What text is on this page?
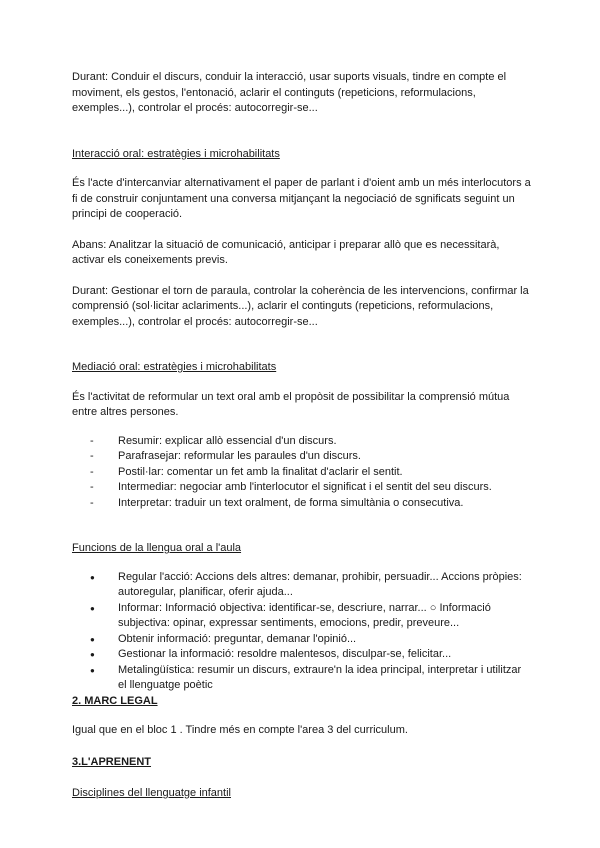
Durant: Conduir el discurs, conduir la interacció, usar suports visuals, tindre en compte el moviment, els gestos, l'entonació, aclarir el continguts (repeticions, reformulacions, exemples...), controlar el procés: autocorregir-se...

Interacció oral: estratègies i microhabilitats

És l'acte d'intercanviar alternativament el paper de parlant i d'oient amb un més interlocutors a fi de construir conjuntament una conversa mitjançant la negociació de sgnificats seguint un principi de cooperació.

Abans: Analitzar la situació de comunicació, anticipar i preparar allò que es necessitarà, activar els coneixements previs.

Durant: Gestionar el torn de paraula, controlar la coherència de les intervencions, confirmar la comprensió (sol·licitar aclariments...), aclarir el continguts (repeticions, reformulacions, exemples...), controlar el procés: autocorregir-se...

Mediació oral: estratègies i microhabilitats

És l'activitat de reformular un text oral amb el propòsit de possibilitar la comprensió mútua entre altres persones.

- Resumir: explicar allò essencial d'un discurs.
- Parafrasejar: reformular les paraules d'un discurs.
- Postil·lar: comentar un fet amb la finalitat d'aclarir el sentit.
- Intermediar: negociar amb l'interlocutor el significat i el sentit del seu discurs.
- Interpretar: traduir un text oralment, de forma simultània o consecutiva.

Funcions de la llengua oral a l'aula

● Regular l'acció: Accions dels altres: demanar, prohibir, persuadir... Accions pròpies: autoregular, planificar, oferir ajuda...
● Informar: Informació objectiva: identificar-se, descriure, narrar... ○ Informació subjectiva: opinar, expressar sentiments, emocions, predir, preveure...
● Obtenir informació: preguntar, demanar l'opinió...
● Gestionar la informació: resoldre malentesos, disculpar-se, felicitar...
● Metalingüística: resumir un discurs, extraure'n la idea principal, interpretar i utilitzar el llenguatge poètic

2. MARC LEGAL

Igual que en el bloc 1 . Tindre més en compte l'area 3 del curriculum.

3.L'APRENENT

Disciplines del llenguatge infantil
